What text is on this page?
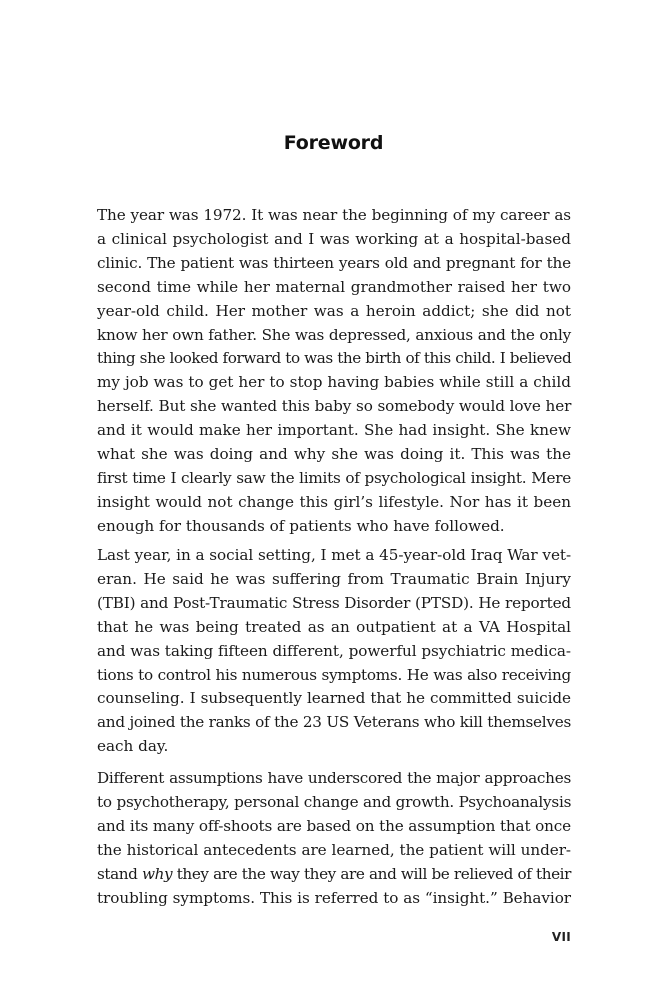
Foreword
The year was 1972. It was near the beginning of my career as
a clinical psychologist and I was working at a hospital-based
clinic. The patient was thirteen years old and pregnant for the
second time while her maternal grandmother raised her two
year-old child. Her mother was a heroin addict; she did not
know her own father. She was depressed, anxious and the only
thing she looked forward to was the birth of this child. I believed
my job was to get her to stop having babies while still a child
herself. But she wanted this baby so somebody would love her
and it would make her important. She had insight. She knew
what she was doing and why she was doing it. This was the
first time I clearly saw the limits of psychological insight. Mere
insight would not change this girl’s lifestyle. Nor has it been
enough for thousands of patients who have followed.
Last year, in a social setting, I met a 45-year-old Iraq War vet-
eran. He said he was suffering from Traumatic Brain Injury
(TBI) and Post-Traumatic Stress Disorder (PTSD). He reported
that he was being treated as an outpatient at a VA Hospital
and was taking fifteen different, powerful psychiatric medica-
tions to control his numerous symptoms. He was also receiving
counseling. I subsequently learned that he committed suicide
and joined the ranks of the 23 US Veterans who kill themselves
each day.
Different assumptions have underscored the major approaches
to psychotherapy, personal change and growth. Psychoanalysis
and its many off-shoots are based on the assumption that once
the historical antecedents are learned, the patient will under-
stand why they are the way they are and will be relieved of their
troubling symptoms. This is referred to as “insight.” Behavior
VII
